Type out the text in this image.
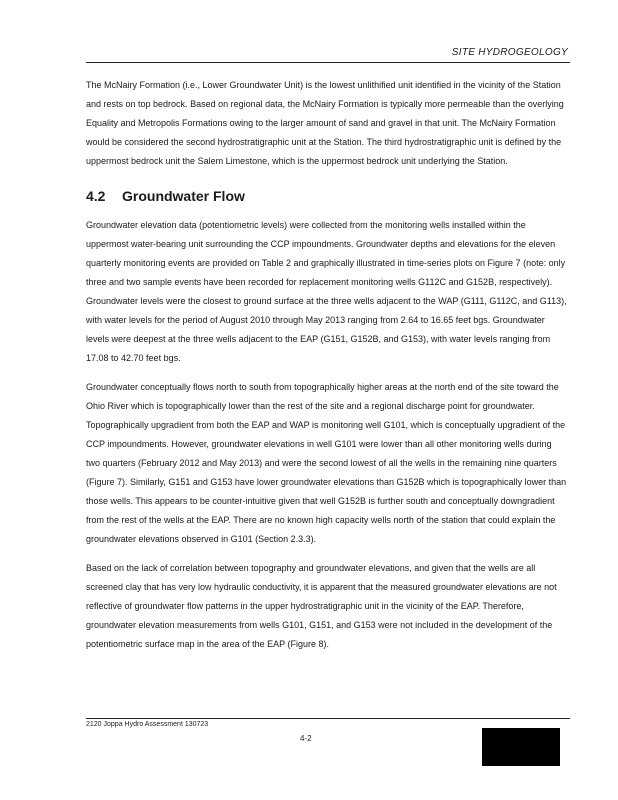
SITE HYDROGEOLOGY

The McNairy Formation (i.e., Lower Groundwater Unit) is the lowest unlithified unit identified in the vicinity of the Station and rests on top bedrock. Based on regional data, the McNairy Formation is typically more permeable than the overlying Equality and Metropolis Formations owing to the larger amount of sand and gravel in that unit. The McNairy Formation would be considered the second hydrostratigraphic unit at the Station. The third hydrostratigraphic unit is defined by the uppermost bedrock unit the Salem Limestone, which is the uppermost bedrock unit underlying the Station.

4.2	Groundwater Flow

Groundwater elevation data (potentiometric levels) were collected from the monitoring wells installed within the uppermost water-bearing unit surrounding the CCP impoundments. Groundwater depths and elevations for the eleven quarterly monitoring events are provided on Table 2 and graphically illustrated in time-series plots on Figure 7 (note: only three and two sample events have been recorded for replacement monitoring wells G112C and G152B, respectively). Groundwater levels were the closest to ground surface at the three wells adjacent to the WAP (G111, G112C, and G113), with water levels for the period of August 2010 through May 2013 ranging from 2.64 to 16.65 feet bgs. Groundwater levels were deepest at the three wells adjacent to the EAP (G151, G152B, and G153), with water levels ranging from 17.08 to 42.70 feet bgs.

Groundwater conceptually flows north to south from topographically higher areas at the north end of the site toward the Ohio River which is topographically lower than the rest of the site and a regional discharge point for groundwater. Topographically upgradient from both the EAP and WAP is monitoring well G101, which is conceptually upgradient of the CCP impoundments. However, groundwater elevations in well G101 were lower than all other monitoring wells during two quarters (February 2012 and May 2013) and were the second lowest of all the wells in the remaining nine quarters (Figure 7). Similarly, G151 and G153 have lower groundwater elevations than G152B which is topographically lower than those wells. This appears to be counter-intuitive given that well G152B is further south and conceptually downgradient from the rest of the wells at the EAP. There are no known high capacity wells north of the station that could explain the groundwater elevations observed in G101 (Section 2.3.3).

Based on the lack of correlation between topography and groundwater elevations, and given that the wells are all screened clay that has very low hydraulic conductivity, it is apparent that the measured groundwater elevations are not reflective of groundwater flow patterns in the upper hydrostratigraphic unit in the vicinity of the EAP. Therefore, groundwater elevation measurements from wells G101, G151, and G153 were not included in the development of the potentiometric surface map in the area of the EAP (Figure 8).

2120 Joppa Hydro Assessment 130723
4-2
